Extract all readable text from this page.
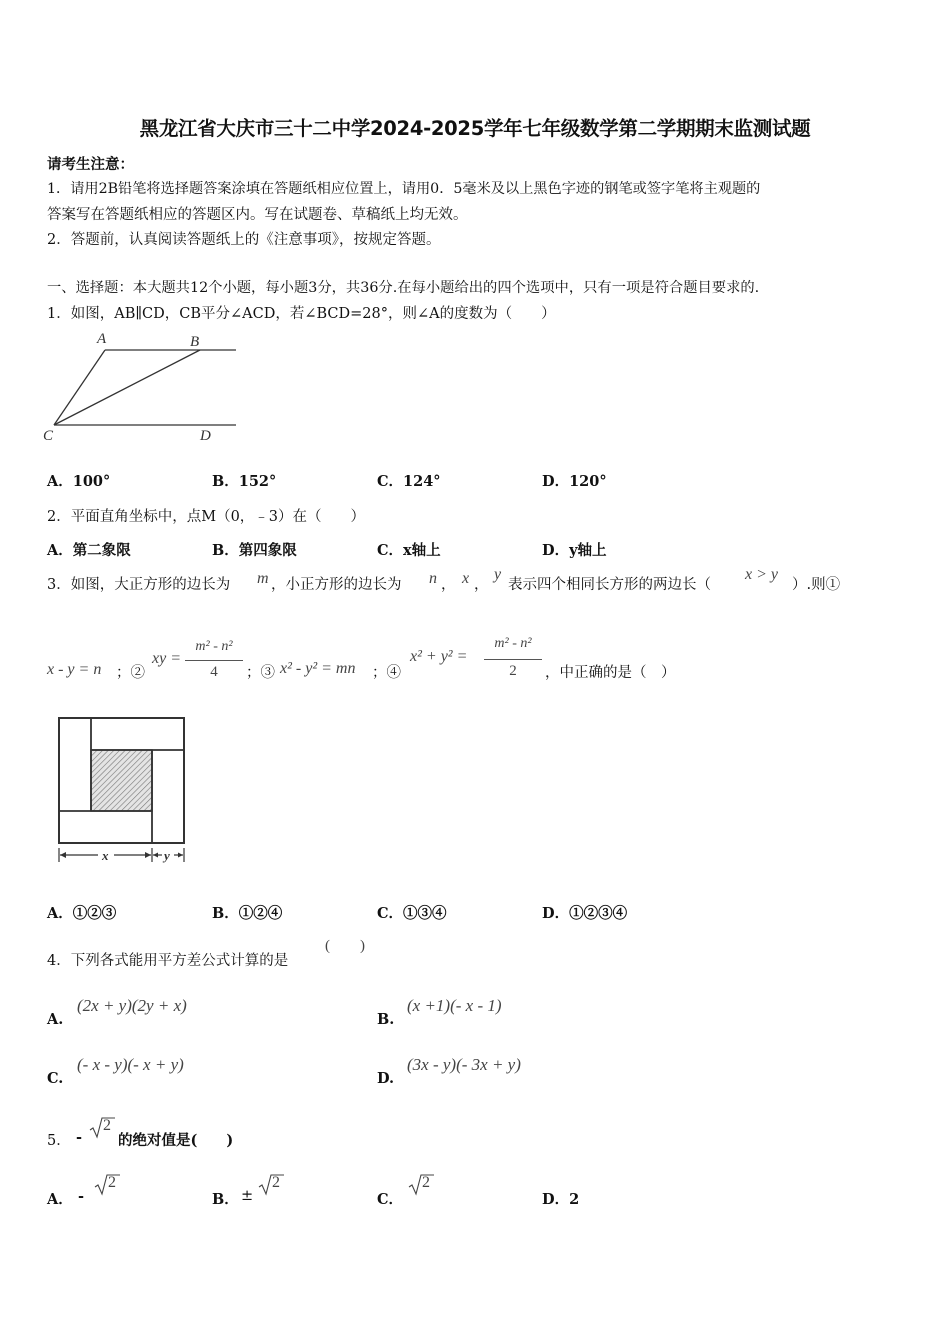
黑龙江省大庆市三十二中学2024-2025学年七年级数学第二学期期末监测试题
请考生注意：
1．请用2B铅笔将选择题答案涂填在答题纸相应位置上，请用0．5毫米及以上黑色字迹的钢笔或签字笔将主观题的
答案写在答题纸相应的答题区内。写在试题卷、草稿纸上均无效。
2．答题前，认真阅读答题纸上的《注意事项》，按规定答题。
一、选择题：本大题共12个小题，每小题3分，共36分.在每小题给出的四个选项中，只有一项是符合题目要求的.
1．如图，AB∥CD，CB平分∠ACD，若∠BCD=28°，则∠A的度数为（　　）
A	B
C	D
A．100°	B．152°	C．124°	D．120°
2．平面直角坐标中，点M（0，﹣3）在（　　）
A．第二象限	B．第四象限	C．x轴上	D．y轴上
3．如图，大正方形的边长为 m ，小正方形的边长为 n ， x ，
y
表示四个相同长方形的两边长（
x > y
）.则①
x - y = n ；②
xy =
m² - n²
4	；③ x² - y² = mn ；④
x² + y² =
m² - n²
2	，中正确的是（　）
x	y
A．①②③	B．①②④	C．①③④	D．①②③④
4．下列各式能用平方差公式计算的是
(　　)
A.
(2x + y)(2y + x)
B.
(x +1)(- x - 1)
C.
(- x - y)(- x + y)
D.
(3x - y)(- 3x + y)
5． -
2
的绝对值是(　　)
A． -
2
B． ±
2
C．
2
D．2
